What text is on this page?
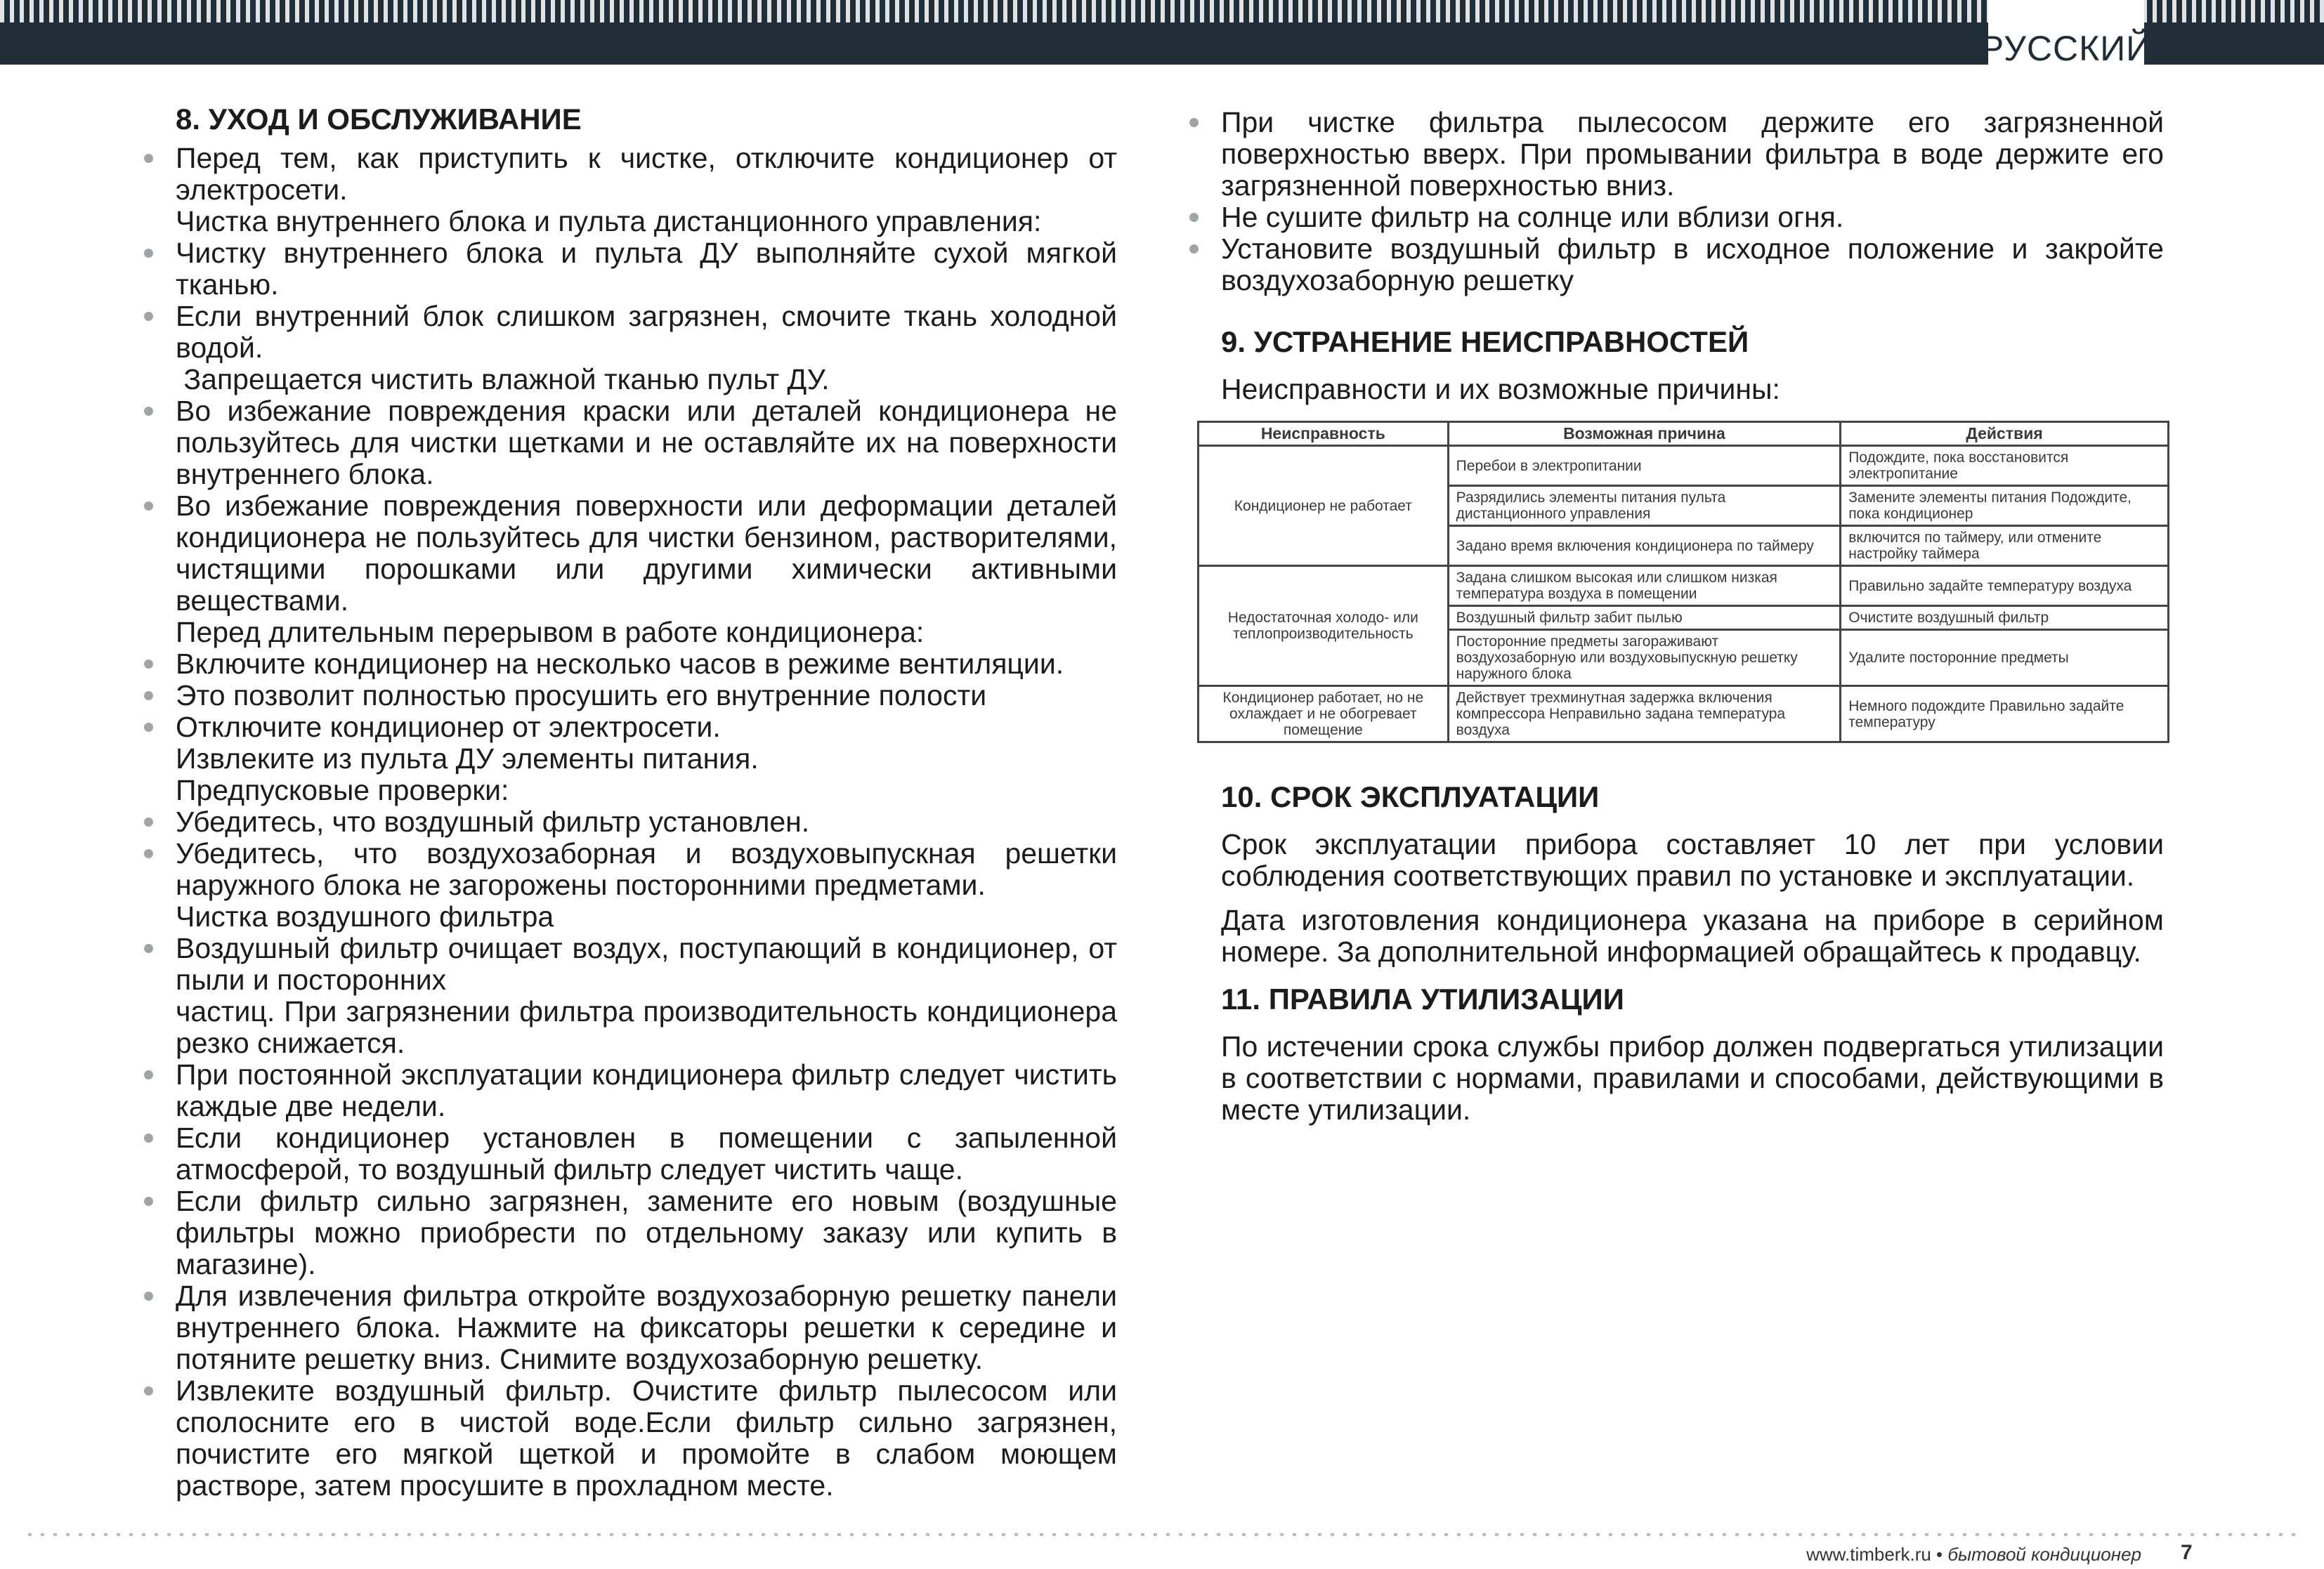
РУССКИЙ
8. УХОД И ОБСЛУЖИВАНИЕ
Перед тем, как приступить к чистке, отключите кондиционер от электросети.
Чистка внутреннего блока и пульта дистанционного управления:
Чистку внутреннего блока и пульта ДУ выполняйте сухой мягкой тканью.
Если внутренний блок слишком загрязнен, смочите ткань холодной водой.
Запрещается чистить влажной тканью пульт ДУ.
Во избежание повреждения краски или деталей кондиционера не пользуйтесь для чистки щетками и не оставляйте их на поверхности внутреннего блока.
Во избежание повреждения поверхности или деформации деталей кондиционера не пользуйтесь для чистки бензином, растворителями, чистящими порошками или другими химически активными веществами.
Перед длительным перерывом в работе кондиционера:
Включите кондиционер на несколько часов в режиме вентиляции.
Это позволит полностью просушить его внутренние полости
Отключите кондиционер от электросети.
Извлеките из пульта ДУ элементы питания.
Предпусковые проверки:
Убедитесь, что воздушный фильтр установлен.
Убедитесь, что воздухозаборная и воздуховыпускная решетки наружного блока не загорожены посторонними предметами.
Чистка воздушного фильтра
Воздушный фильтр очищает воздух, поступающий в кондиционер, от пыли и посторонних
частиц. При загрязнении фильтра производительность кондиционера резко снижается.
При постоянной эксплуатации кондиционера фильтр следует чистить каждые две недели.
Если кондиционер установлен в помещении с запыленной атмосферой, то воздушный фильтр следует чистить чаще.
Если фильтр сильно загрязнен, замените его новым (воздушные фильтры можно приобрести по отдельному заказу или купить в магазине).
Для извлечения фильтра откройте воздухозаборную решетку панели внутреннего блока. Нажмите на фиксаторы решетки к середине и потяните решетку вниз. Снимите воздухозаборную решетку.
Извлеките воздушный фильтр. Очистите фильтр пылесосом или сполосните его в чистой воде.Если фильтр сильно загрязнен, почистите его мягкой щеткой и промойте в слабом моющем растворе, затем просушите в прохладном месте.
При чистке фильтра пылесосом держите его загрязненной поверхностью вверх. При промывании фильтра в воде держите его загрязненной поверхностью вниз.
Не сушите фильтр на солнце или вблизи огня.
Установите воздушный фильтр в исходное положение и закройте воздухозаборную решетку
9. УСТРАНЕНИЕ НЕИСПРАВНОСТЕЙ
Неисправности и их возможные причины:
Неисправность	Возможная причина	Действия
Кондиционер не работает	Перебои в электропитании	Подождите, пока восстановится электропитание
	Разрядились элементы питания пульта дистанционного управления	Замените элементы питания Подождите, пока кондиционер
	Задано время включения кондиционера по таймеру	включится по таймеру, или отмените настройку таймера
Недостаточная холодо- или теплопроизводительность	Задана слишком высокая или слишком низкая температура воздуха в помещении	Правильно задайте температуру воздуха
	Воздушный фильтр забит пылью	Очистите воздушный фильтр
	Посторонние предметы загораживают воздухозаборную или воздуховыпускную решетку наружного блока	Удалите посторонние предметы
Кондиционер работает, но не охлаждает и не обогревает помещение	Действует трехминутная задержка включения компрессора Неправильно задана температура воздуха	Немного подождите Правильно задайте температуру
10. СРОК ЭКСПЛУАТАЦИИ
Срок эксплуатации прибора составляет 10 лет при условии соблюдения соответствующих правил по установке и эксплуатации.
Дата изготовления кондиционера указана на приборе в серийном номере. За дополнительной информацией обращайтесь к продавцу.
11. ПРАВИЛА УТИЛИЗАЦИИ
По истечении срока службы прибор должен подвергаться утилизации в соответствии с нормами, правилами и способами, действующими в месте утилизации.
www.timberk.ru • бытовой кондиционер 7
